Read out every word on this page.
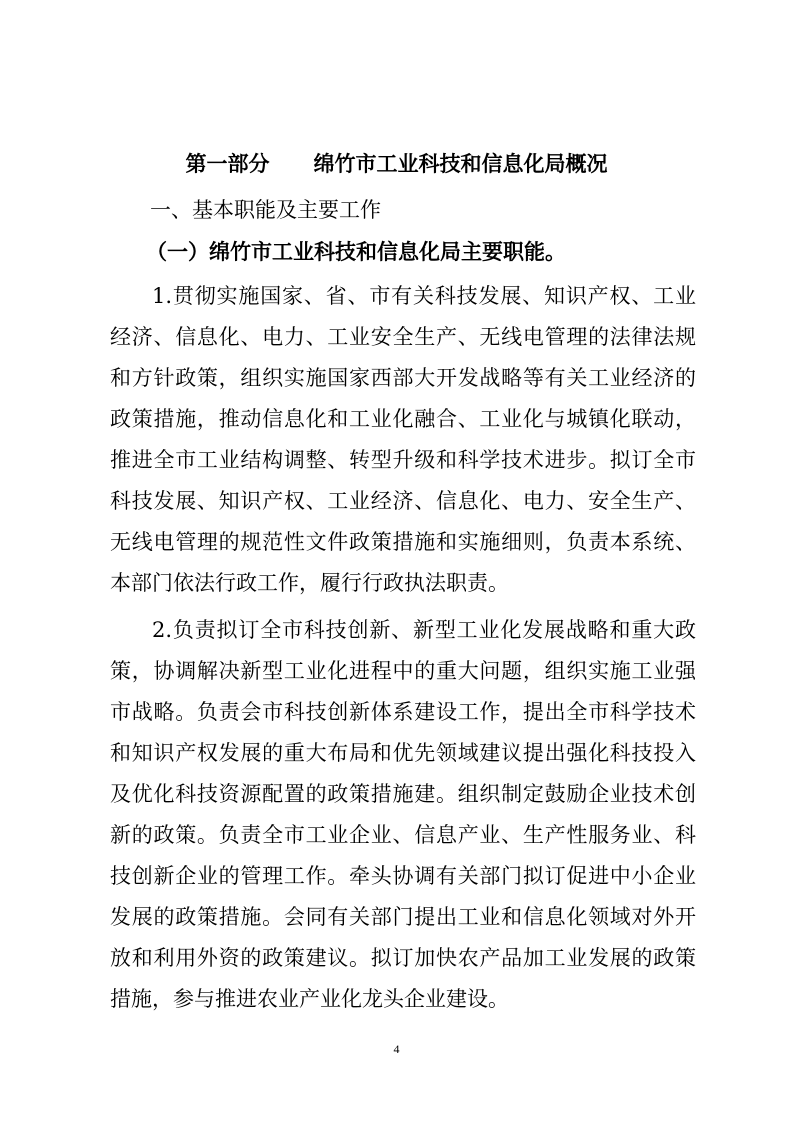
第一部分 绵竹市工业科技和信息化局概况
一、基本职能及主要工作
（一）绵竹市工业科技和信息化局主要职能。

1.贯彻实施国家、省、市有关科技发展、知识产权、工业经济、信息化、电力、工业安全生产、无线电管理的法律法规和方针政策，组织实施国家西部大开发战略等有关工业经济的政策措施，推动信息化和工业化融合、工业化与城镇化联动，推进全市工业结构调整、转型升级和科学技术进步。拟订全市科技发展、知识产权、工业经济、信息化、电力、安全生产、无线电管理的规范性文件政策措施和实施细则，负责本系统、本部门依法行政工作，履行行政执法职责。

2.负责拟订全市科技创新、新型工业化发展战略和重大政策，协调解决新型工业化进程中的重大问题，组织实施工业强市战略。负责会市科技创新体系建设工作，提出全市科学技术和知识产权发展的重大布局和优先领域建议提出强化科技投入及优化科技资源配置的政策措施建。组织制定鼓励企业技术创新的政策。负责全市工业企业、信息产业、生产性服务业、科技创新企业的管理工作。牵头协调有关部门拟订促进中小企业发展的政策措施。会同有关部门提出工业和信息化领域对外开放和利用外资的政策建议。拟订加快农产品加工业发展的政策措施，参与推进农业产业化龙头企业建设。

4
